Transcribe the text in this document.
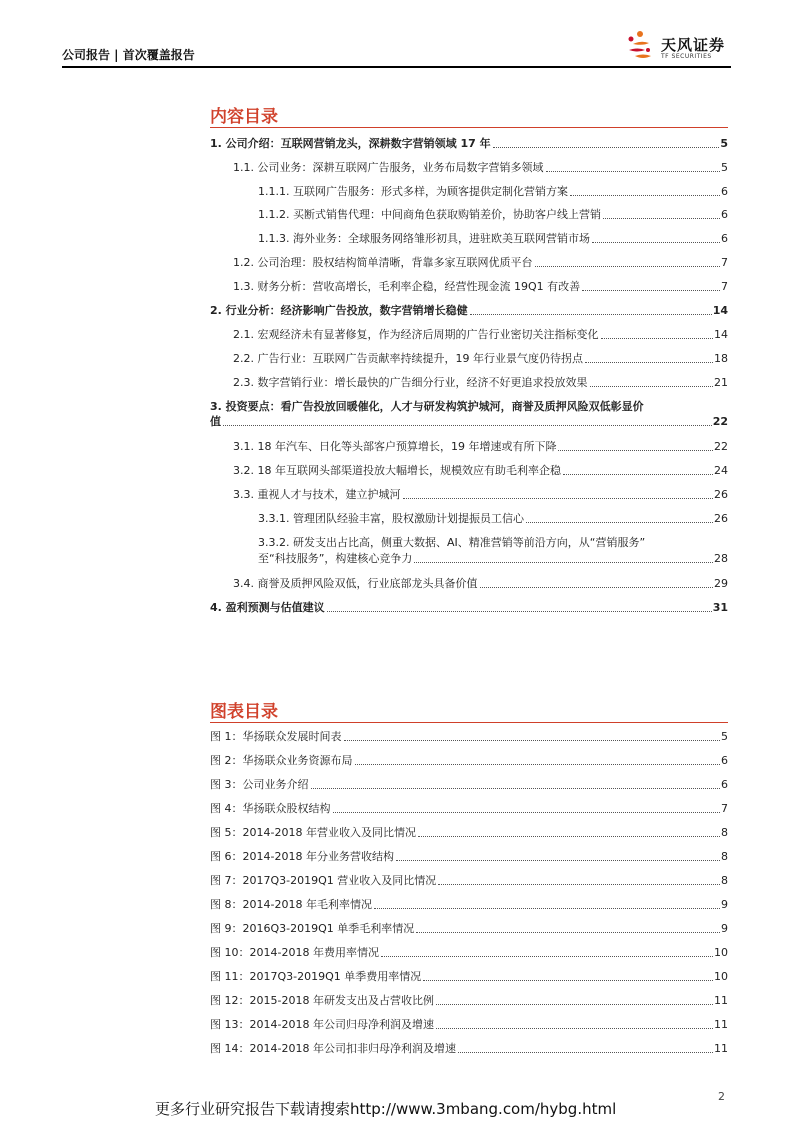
公司报告 | 首次覆盖报告
天风证券
TF SECURITIES
内容目录
1. 公司介绍：互联网营销龙头，深耕数字营销领域 17 年	5
1.1. 公司业务：深耕互联网广告服务，业务布局数字营销多领域	5
1.1.1. 互联网广告服务：形式多样，为顾客提供定制化营销方案	6
1.1.2. 买断式销售代理：中间商角色获取购销差价，协助客户线上营销	6
1.1.3. 海外业务：全球服务网络雏形初具，进驻欧美互联网营销市场	6
1.2. 公司治理：股权结构简单清晰，背靠多家互联网优质平台	7
1.3. 财务分析：营收高增长，毛利率企稳，经营性现金流 19Q1 有改善	7
2. 行业分析：经济影响广告投放，数字营销增长稳健	14
2.1. 宏观经济未有显著修复，作为经济后周期的广告行业密切关注指标变化	14
2.2. 广告行业：互联网广告贡献率持续提升，19 年行业景气度仍待拐点	18
2.3. 数字营销行业：增长最快的广告细分行业，经济不好更追求投放效果	21
3. 投资要点：看广告投放回暖催化，人才与研发构筑护城河，商誉及质押风险双低彰显价
值	22
3.1. 18 年汽车、日化等头部客户预算增长，19 年增速或有所下降	22
3.2. 18 年互联网头部渠道投放大幅增长，规模效应有助毛利率企稳	24
3.3. 重视人才与技术，建立护城河	26
3.3.1. 管理团队经验丰富，股权激励计划提振员工信心	26
3.3.2. 研发支出占比高，侧重大数据、AI、精准营销等前沿方向，从“营销服务”
至“科技服务”，构建核心竞争力	28
3.4. 商誉及质押风险双低，行业底部龙头具备价值	29
4. 盈利预测与估值建议	31
图表目录
图 1：华扬联众发展时间表	5
图 2：华扬联众业务资源布局	6
图 3：公司业务介绍	6
图 4：华扬联众股权结构	7
图 5：2014-2018 年营业收入及同比情况	8
图 6：2014-2018 年分业务营收结构	8
图 7：2017Q3-2019Q1 营业收入及同比情况	8
图 8：2014-2018 年毛利率情况	9
图 9：2016Q3-2019Q1 单季毛利率情况	9
图 10：2014-2018 年费用率情况	10
图 11：2017Q3-2019Q1 单季费用率情况	10
图 12：2015-2018 年研发支出及占营收比例	11
图 13：2014-2018 年公司归母净利润及增速	11
图 14：2014-2018 年公司扣非归母净利润及增速	11
2
更多行业研究报告下载请搜索http://www.3mbang.com/hybg.html
